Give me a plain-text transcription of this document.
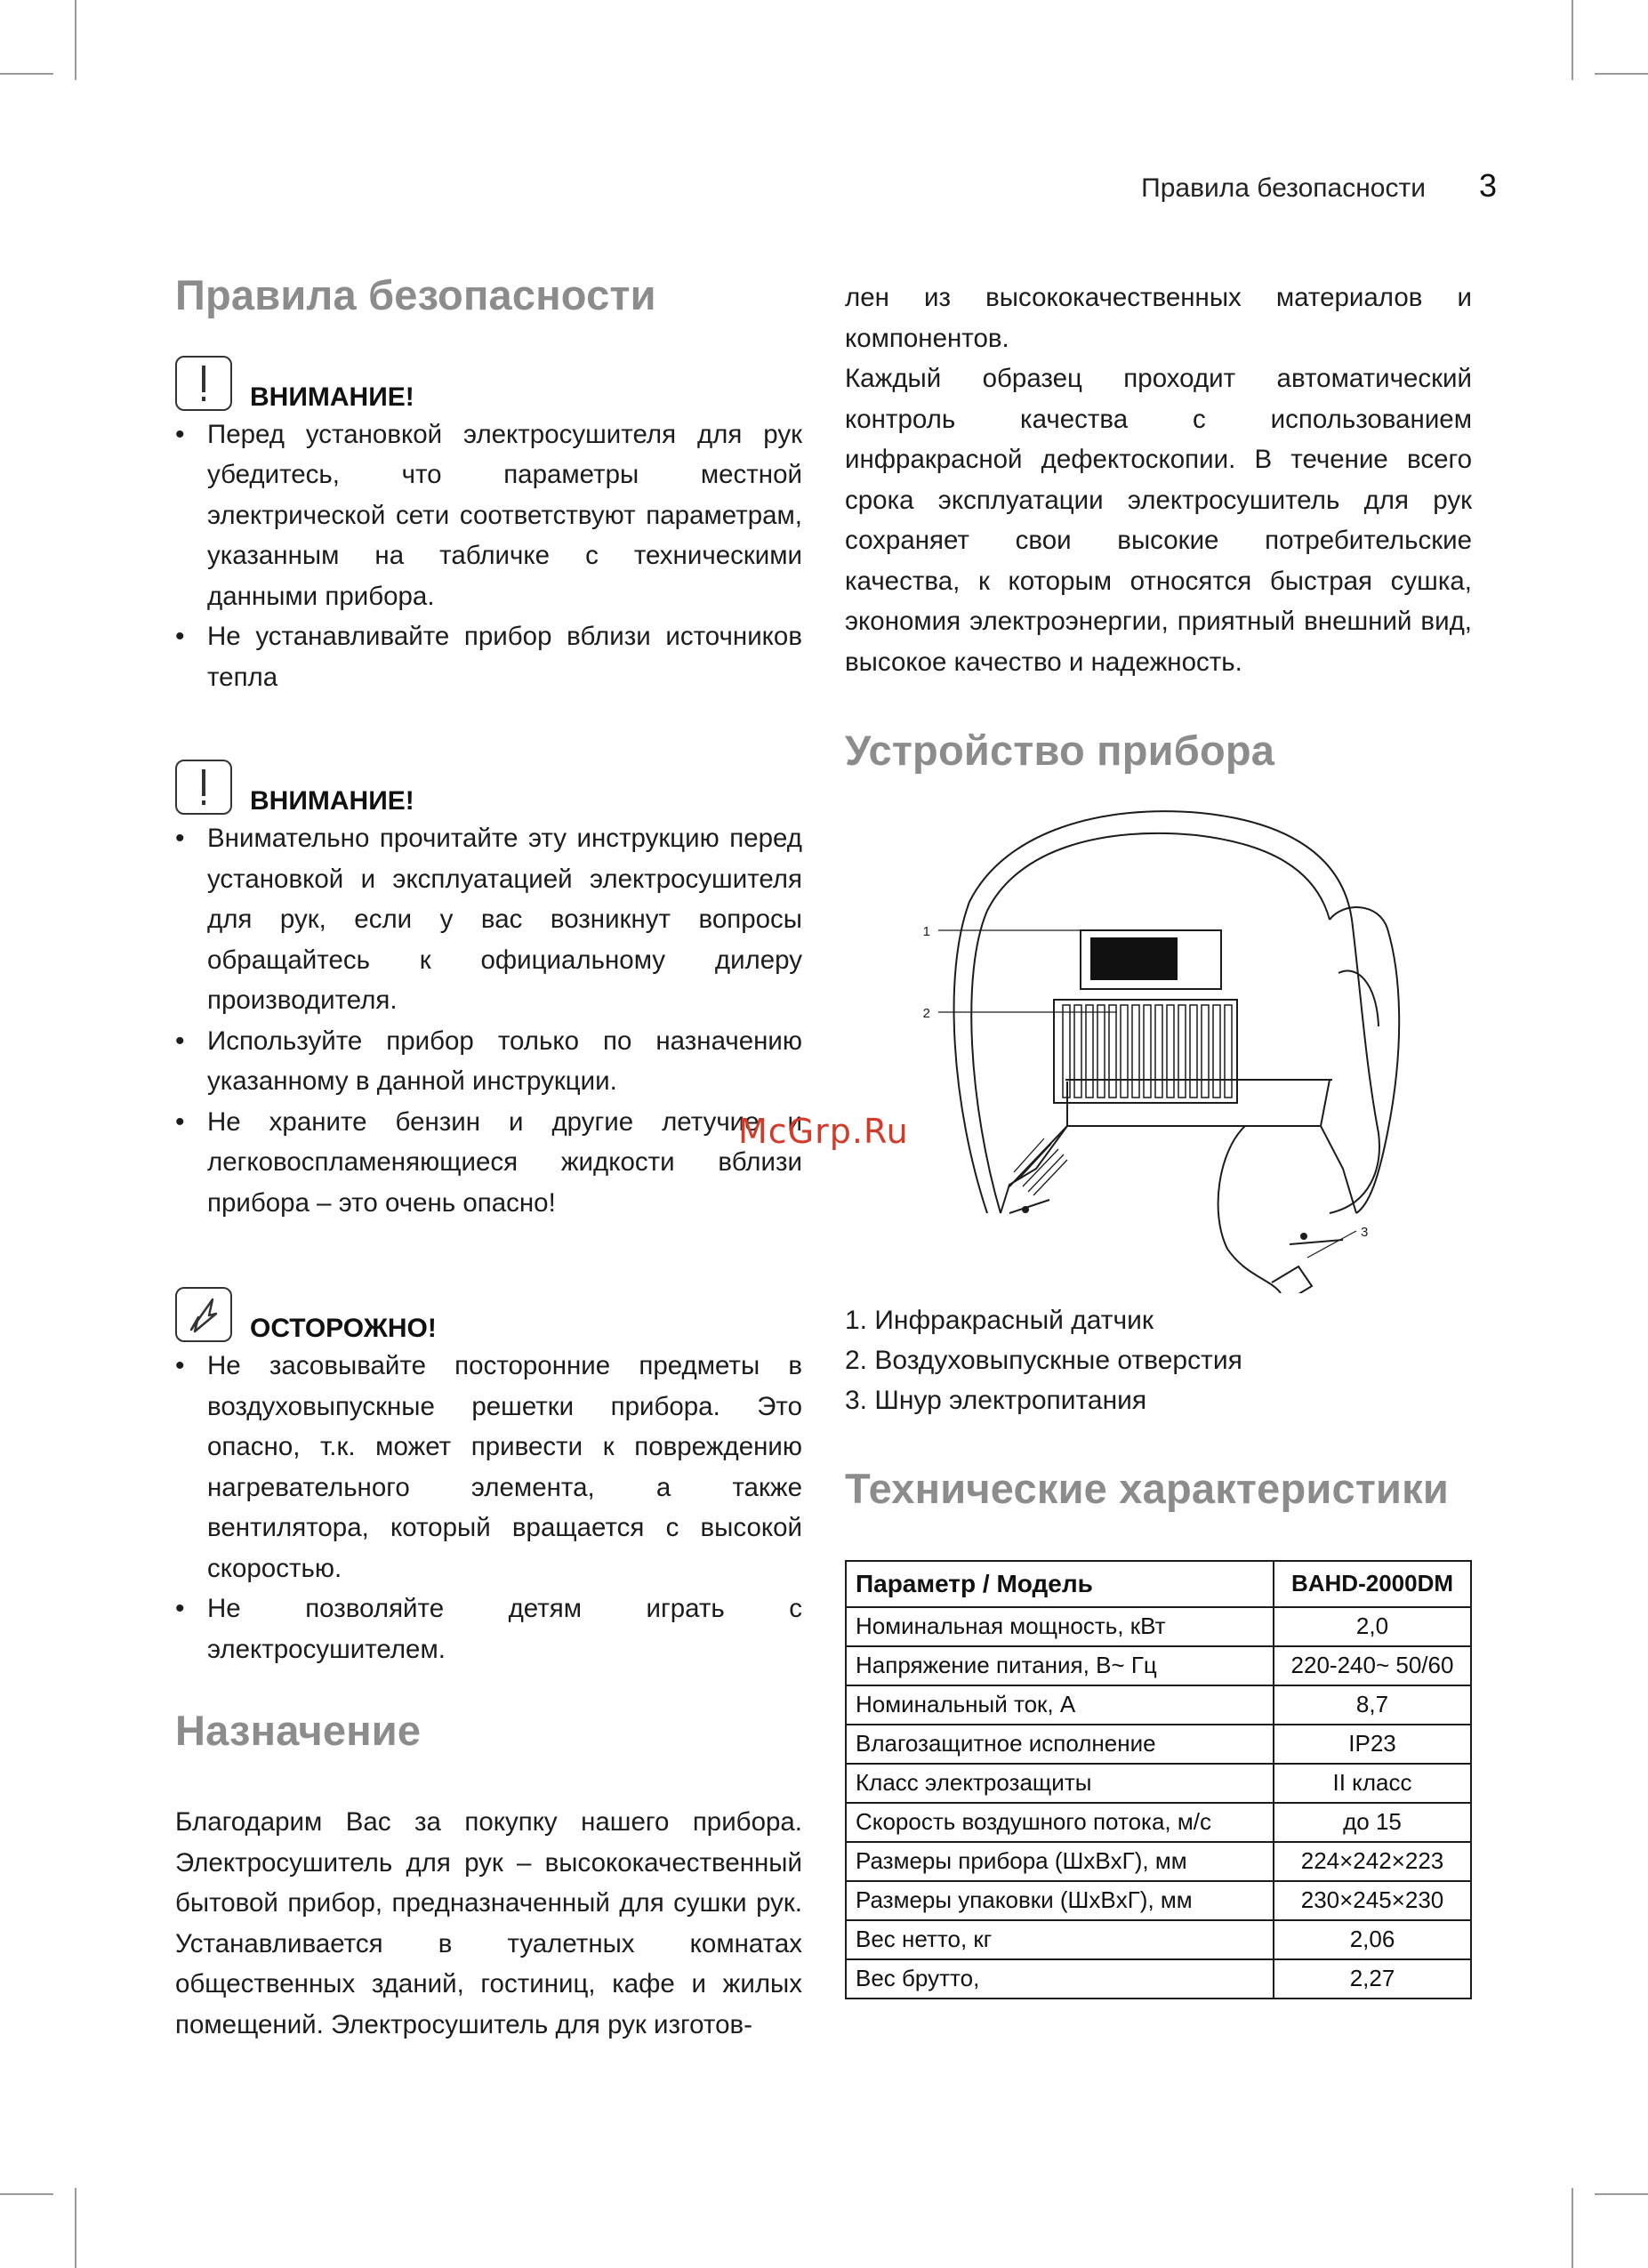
Правила безопасности 3
Правила безопасности
ВНИМАНИЕ!
• Перед установкой электросушителя для рук убедитесь, что параметры местной электрической сети соответствуют параметрам, указанным на табличке с техническими данными прибора.
• Не устанавливайте прибор вблизи источников тепла
ВНИМАНИЕ!
• Внимательно прочитайте эту инструкцию перед установкой и эксплуатацией электросушителя для рук, если у вас возникнут вопросы обращайтесь к официальному дилеру производителя.
• Используйте прибор только по назначению указанному в данной инструкции.
• Не храните бензин и другие летучие и легковоспламеняющиеся жидкости вблизи прибора – это очень опасно!
ОСТОРОЖНО!
• Не засовывайте посторонние предметы в воздуховыпускные решетки прибора. Это опасно, т.к. может привести к повреждению нагревательного элемента, а также вентилятора, который вращается с высокой скоростью.
• Не позволяйте детям играть с электросушителем.
Назначение

Благодарим Вас за покупку нашего прибора. Электросушитель для рук – высококачественный бытовой прибор, предназначенный для сушки рук. Устанавливается в туалетных комнатах общественных зданий, гостиниц, кафе и жилых помещений. Электросушитель для рук изготов-

лен из высококачественных материалов и компонентов.

Каждый образец проходит автоматический контроль качества с использованием инфракрасной дефектоскопии. В течение всего срока эксплуатации электросушитель для рук сохраняет свои высокие потребительские качества, к которым относятся быстрая сушка, экономия электроэнергии, приятный внешний вид, высокое качество и надежность.

Устройство прибора
1
2
3
1. Инфракрасный датчик
2. Воздуховыпускные отверстия
3. Шнур электропитания
Технические характеристики
Параметр / Модель	BAHD-2000DM
Номинальная мощность, кВт	2,0
Напряжение питания, В~ Гц	220-240~ 50/60
Номинальный ток, А	8,7
Влагозащитное исполнение	IP23
Класс электрозащиты	II класс
Скорость воздушного потока, м/с	до 15
Размеры прибора (ШxВxГ), мм	224×242×223
Размеры упаковки (ШxВxГ), мм	230×245×230
Вес нетто, кг	2,06
Вес брутто,	2,27
McGrp.Ru
